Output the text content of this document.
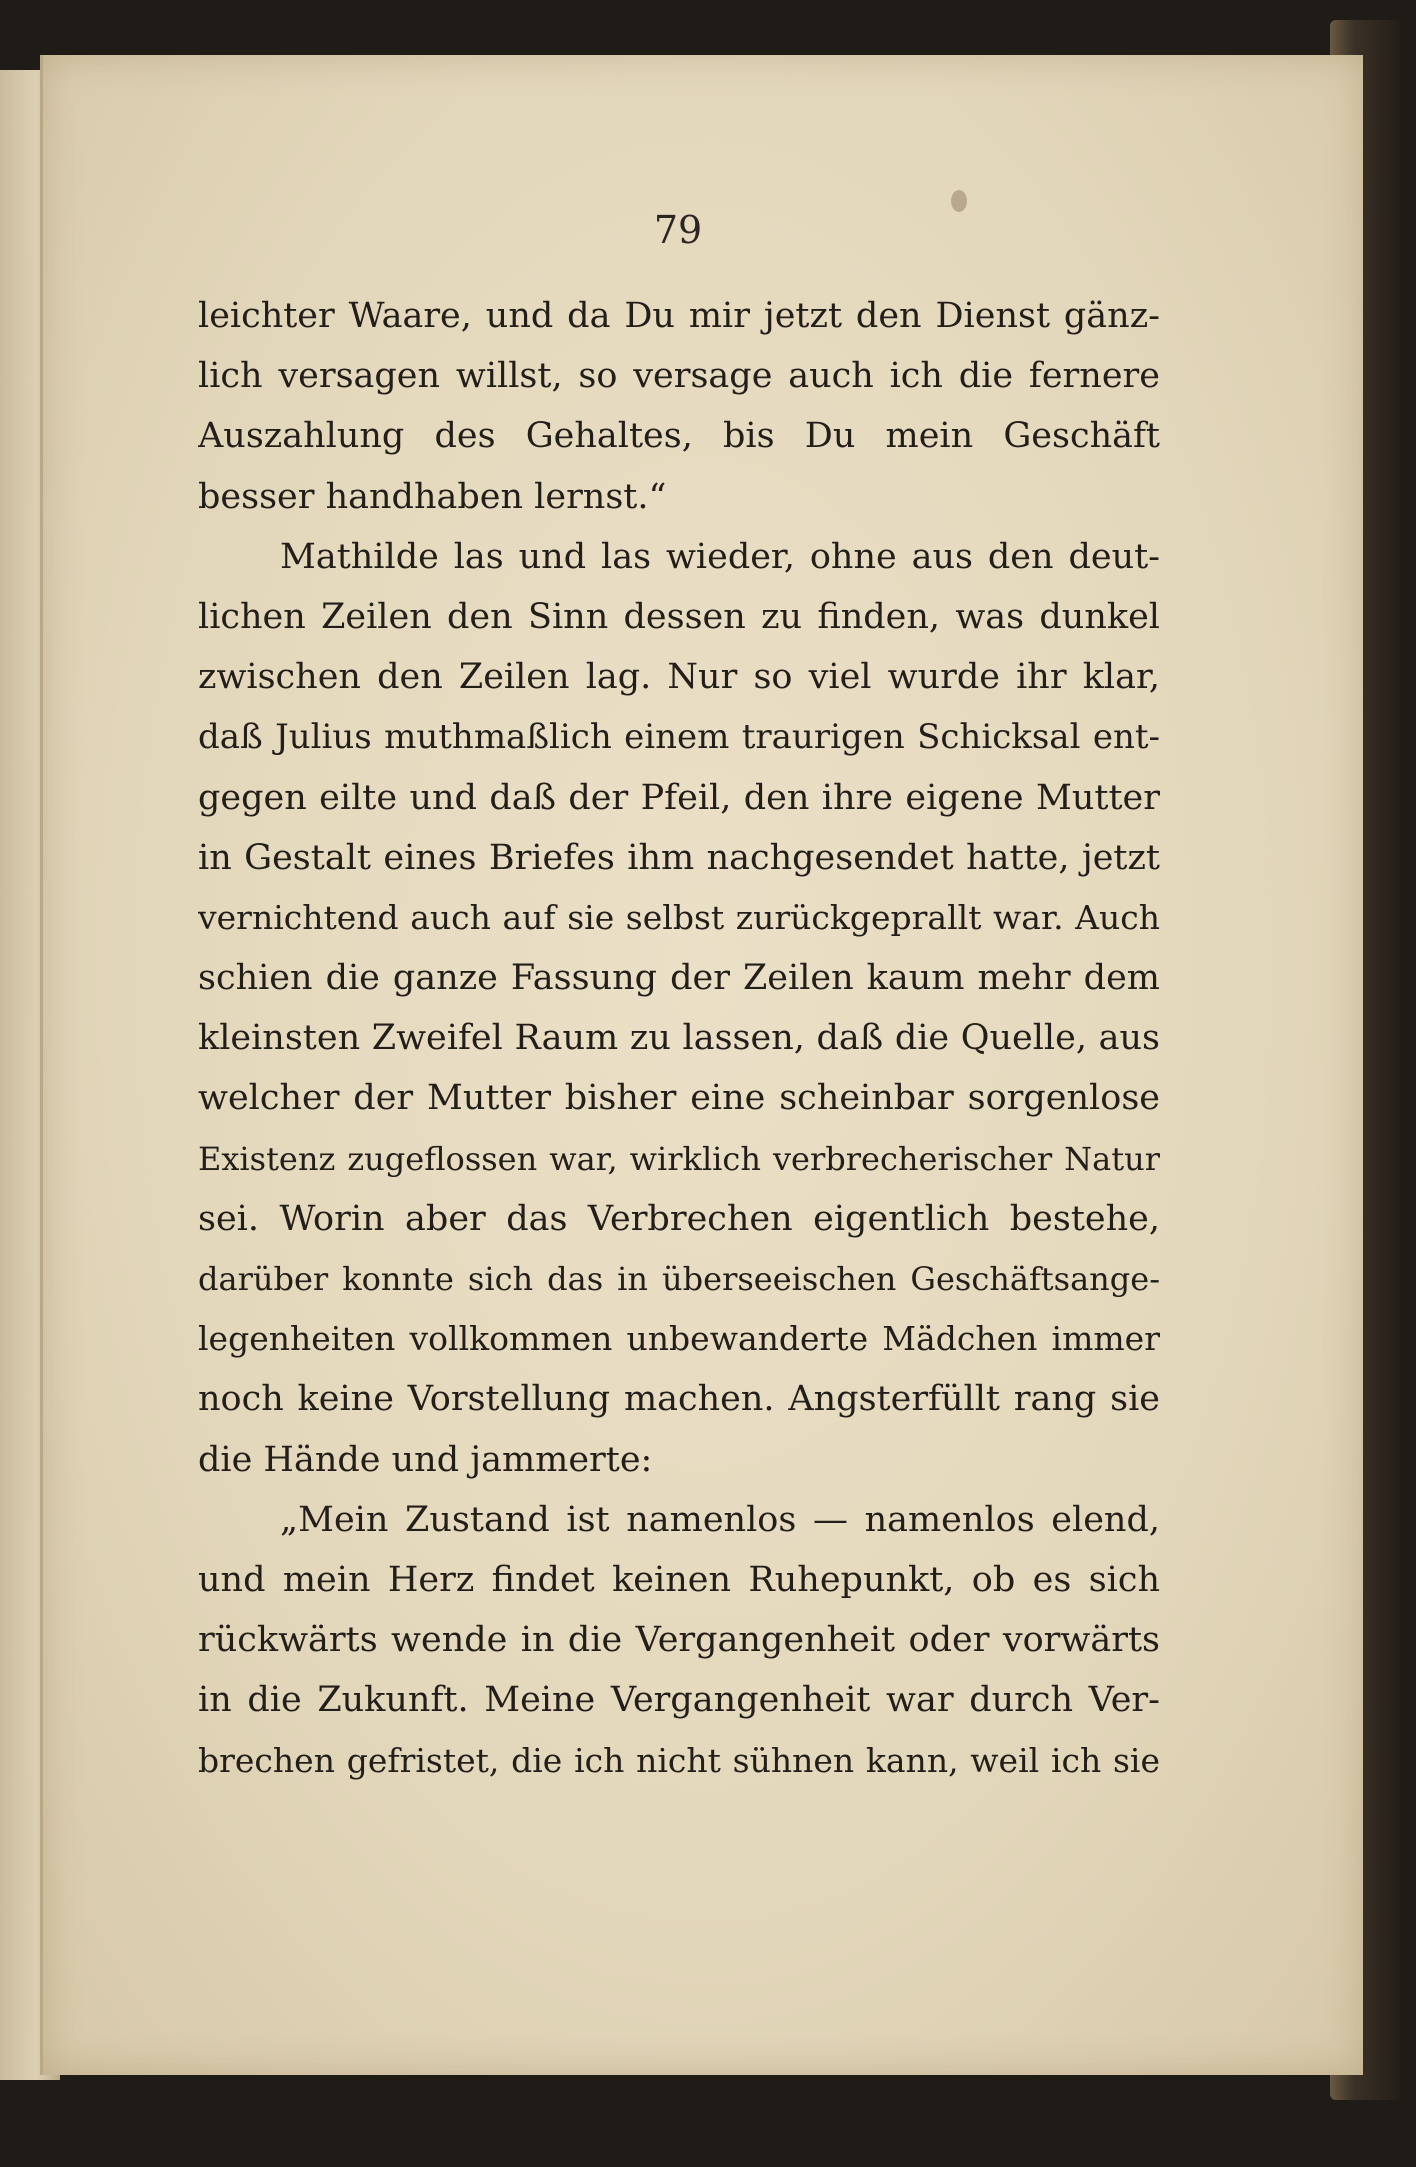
79
leichter Waare, und da Du mir jetzt den Dienst gänz-
lich versagen willst, so versage auch ich die fernere
Auszahlung des Gehaltes, bis Du mein Geschäft
besser handhaben lernst.“
Mathilde las und las wieder, ohne aus den deut-
lichen Zeilen den Sinn dessen zu finden, was dunkel
zwischen den Zeilen lag. Nur so viel wurde ihr klar,
daß Julius muthmaßlich einem traurigen Schicksal ent-
gegen eilte und daß der Pfeil, den ihre eigene Mutter
in Gestalt eines Briefes ihm nachgesendet hatte, jetzt
vernichtend auch auf sie selbst zurückgeprallt war. Auch
schien die ganze Fassung der Zeilen kaum mehr dem
kleinsten Zweifel Raum zu lassen, daß die Quelle, aus
welcher der Mutter bisher eine scheinbar sorgenlose
Existenz zugeflossen war, wirklich verbrecherischer Natur
sei. Worin aber das Verbrechen eigentlich bestehe,
darüber konnte sich das in überseeischen Geschäftsange-
legenheiten vollkommen unbewanderte Mädchen immer
noch keine Vorstellung machen. Angsterfüllt rang sie
die Hände und jammerte:
„Mein Zustand ist namenlos — namenlos elend,
und mein Herz findet keinen Ruhepunkt, ob es sich
rückwärts wende in die Vergangenheit oder vorwärts
in die Zukunft. Meine Vergangenheit war durch Ver-
brechen gefristet, die ich nicht sühnen kann, weil ich sie
